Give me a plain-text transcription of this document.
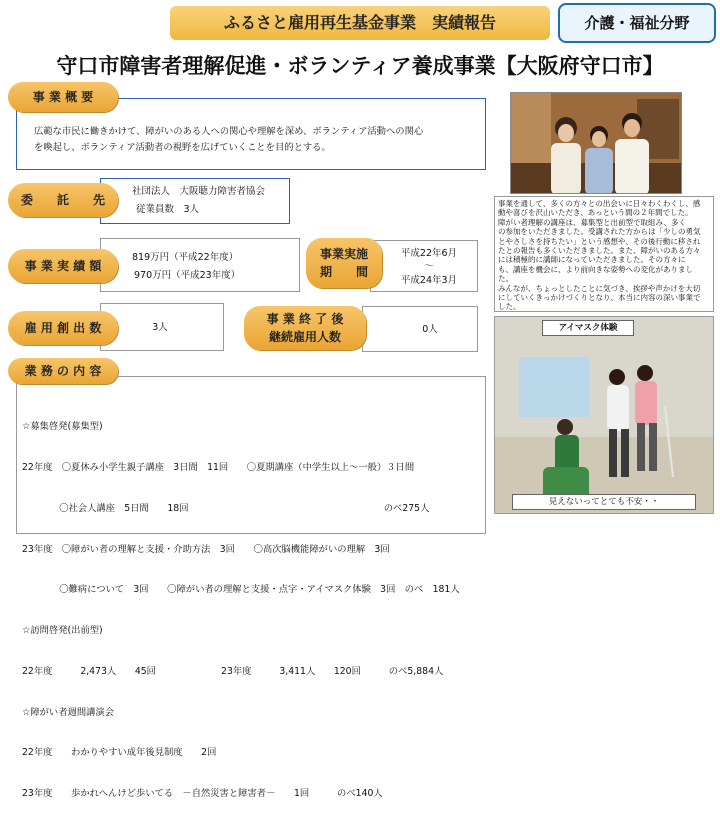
ふるさと雇用再生基金事業　実績報告	介護・福祉分野
守口市障害者理解促進・ボランティア養成事業【大阪府守口市】
事 業 概 要
広範な市民に働きかけて、障がいのある人への関心や理解を深め、ボランティア活動への関心
を喚起し、ボランティア活動者の視野を広げていくことを目的とする。
委　　託　　先
社団法人　大阪聴力障害者協会
従業員数　3人
事 業 実 績 額
819万円（平成22年度）
970万円（平成23年度）
事業実施
期　　間
平成22年6月
～
平成24年3月
雇 用 創 出 数	3人
事 業 終 了 後
継続雇用人数
0人
業 務 の 内 容

☆募集啓発(募集型)

22年度　〇夏休み小学生親子講座　3日間　11回　　〇夏期講座（中学生以上～一般）３日間

　　　　〇社会人講座　5日間　　18回　　　　　　　　　　　　　　　　　　　　　のべ275人

23年度　〇障がい者の理解と支援・介助方法　3回　　〇高次脳機能障がいの理解　3回

　　　　〇難病について　3回　　〇障がい者の理解と支援・点字・アイマスク体験　3回　のべ　181人

☆訪問啓発(出前型)

22年度　　　2,473人　　45回　　　　　　　23年度　　　3,411人　　120回　　　のべ5,884人

☆障がい者週間講演会

22年度　　わかりやすい成年後見制度　　2回

23年度　　歩かれへんけど歩いてる　－自然災害と障害者－　　1回　　　のべ140人

事業を通して、多くの方々との出会いに日々わくわくし、感
動や喜びを沢山いただき、あっという間の２年間でした。
障がい者理解の講座は、募集型と出前型で取組み、多く
の参加をいただきました。受講された方からは「少しの勇気
とやさしさを持ちたい」という感想や、その後行動に移され
たとの報告も多くいただきました。また、障がいのある方々
には積極的に講師になっていただきました。その方々に
も、講座を機会に、より前向きな姿勢への変化がありまし
た。
みんなが、ちょっとしたことに気づき、挨拶や声かけを大切
にしていくきっかけづくりとなり、本当に内容の深い事業で
した。
アイマスク体験
見えないってとても不安・・
